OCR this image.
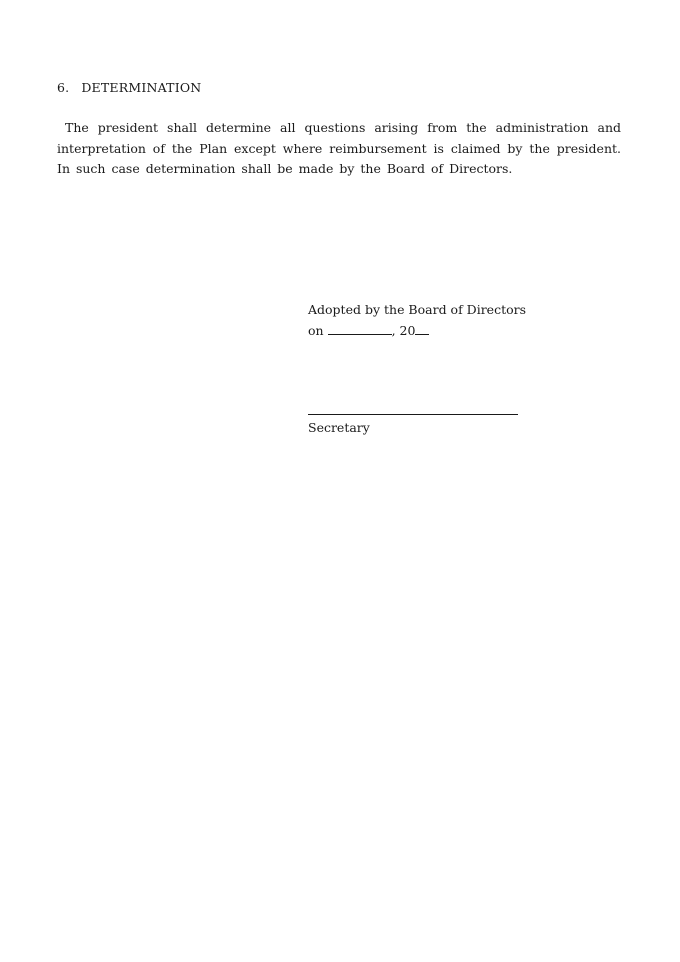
6. DETERMINATION
The president shall determine all questions arising from the administration and interpretation of the Plan except where reimbursement is claimed by the president. In such case determination shall be made by the Board of Directors.
Adopted by the Board of Directors
on	, 20
Secretary
